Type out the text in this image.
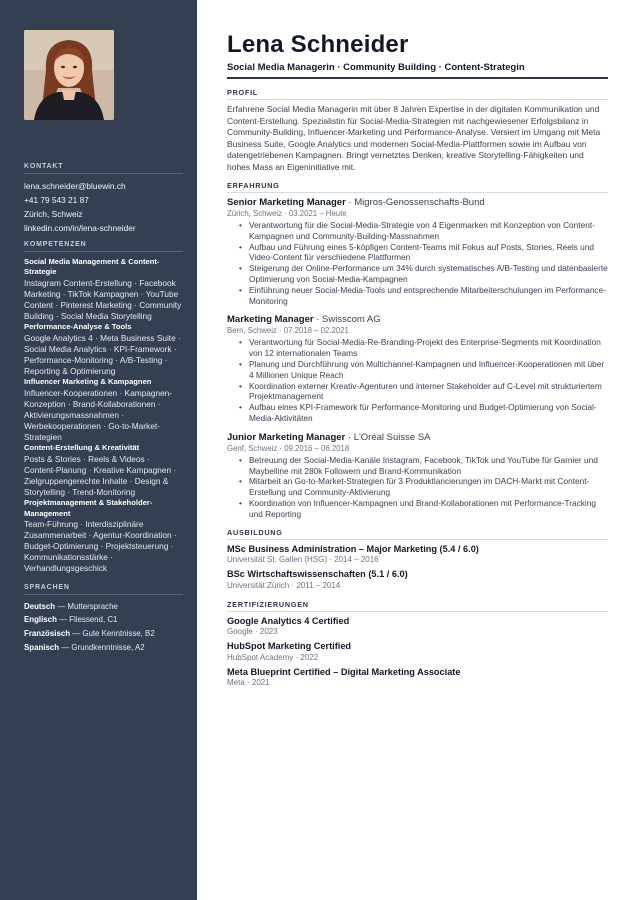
KONTAKT
lena.schneider@bluewin.ch
+41 79 543 21 87
Zürich, Schweiz
linkedin.com/in/lena-schneider
KOMPETENZEN
Social Media Management & Content-Strategie
Instagram Content-Erstellung · Facebook Marketing · TikTok Kampagnen · YouTube Content · Pinterest Marketing · Community Building · Social Media Storytelling
Performance-Analyse & Tools
Google Analytics 4 · Meta Business Suite · Social Media Analytics · KPI-Framework · Performance-Monitoring · A/B-Testing · Reporting & Optimierung
Influencer Marketing & Kampagnen
Influencer-Kooperationen · Kampagnen-Konzeption · Brand-Kollaborationen · Aktivierungsmassnahmen · Werbekooperationen · Go-to-Market-Strategien
Content-Erstellung & Kreativität
Posts & Stories · Reels & Videos · Content-Planung · Kreative Kampagnen · Zielgruppengerechte Inhalte · Design & Storytelling · Trend-Monitoring
Projektmanagement & Stakeholder-Management
Team-Führung · Interdisziplinäre Zusammenarbeit · Agentur-Koordination · Budget-Optimierung · Projektsteuerung · Kommunikationsstärke · Verhandlungsgeschick
SPRACHEN
Deutsch — Muttersprache
Englisch — Fliessend, C1
Französisch — Gute Kenntnisse, B2
Spanisch — Grundkenntnisse, A2
Lena Schneider
Social Media Managerin · Community Building · Content-Strategin
PROFIL

Erfahrene Social Media Managerin mit über 8 Jahren Expertise in der digitalen Kommunikation und Content-Erstellung. Spezialistin für Social-Media-Strategien mit nachgewiesener Erfolgsbilanz in Community-Building, Influencer-Marketing und Performance-Analyse. Versiert im Umgang mit Meta Business Suite, Google Analytics und modernen Social-Media-Plattformen sowie im Aufbau von datengetriebenen Kampagnen. Bringt vernetztes Denken, kreative Storytelling-Fähigkeiten und hohes Mass an Eigeninitiative mit.

ERFAHRUNG
Senior Marketing Manager · Migros-Genossenschafts-Bund
Zürich, Schweiz · 03.2021 – Heute
• Verantwortung für die Social-Media-Strategie von 4 Eigenmarken mit Konzeption von Content-Kampagnen und Community-Building-Massnahmen
• Aufbau und Führung eines 5-köpfigen Content-Teams mit Fokus auf Posts, Stories, Reels und Video-Content für verschiedene Plattformen
• Steigerung der Online-Performance um 34% durch systematisches A/B-Testing und datenbasierte Optimierung von Social-Media-Kampagnen
• Einführung neuer Social-Media-Tools und entsprechende Mitarbeiterschulungen im Performance-Monitoring
Marketing Manager · Swisscom AG
Bern, Schweiz · 07.2018 – 02.2021
• Verantwortung für Social-Media-Re-Branding-Projekt des Enterprise-Segments mit Koordination von 12 internationalen Teams
• Planung und Durchführung von Multichannel-Kampagnen und Influencer-Kooperationen mit über 4 Millionen Unique Reach
• Koordination externer Kreativ-Agenturen und interner Stakeholder auf C-Level mit strukturiertem Projektmanagement
• Aufbau eines KPI-Framework für Performance-Monitoring und Budget-Optimierung von Social-Media-Aktivitäten
Junior Marketing Manager · L'Oréal Suisse SA
Genf, Schweiz · 09.2016 – 06.2018
• Betreuung der Social-Media-Kanäle Instagram, Facebook, TikTok und YouTube für Garnier und Maybelline mit 280k Followern und Brand-Kommunikation
• Mitarbeit an Go-to-Market-Strategien für 3 Produktlancierungen im DACH-Markt mit Content-Erstellung und Community-Aktivierung
• Koordination von Influencer-Kampagnen und Brand-Kollaborationen mit Performance-Tracking und Reporting
AUSBILDUNG
MSc Business Administration – Major Marketing (5.4 / 6.0)
Universität St. Gallen (HSG) · 2014 – 2016
BSc Wirtschaftswissenschaften (5.1 / 6.0)
Universität Zürich · 2011 – 2014
ZERTIFIZIERUNGEN
Google Analytics 4 Certified
Google · 2023
HubSpot Marketing Certified
HubSpot Academy · 2022
Meta Blueprint Certified – Digital Marketing Associate
Meta · 2021
